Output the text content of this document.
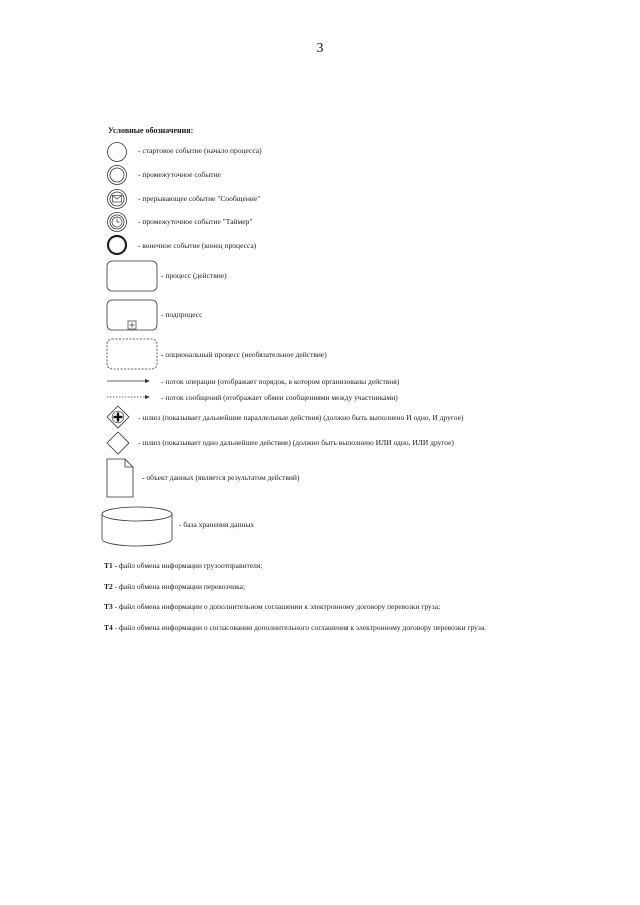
3
Условные обозначения:
- стартовое событие (начало процесса)
- промежуточное событие
- прерывающее событие "Сообщение"
- промежуточное событие "Таймер"
- конечное событие (конец процесса)
- процесс (действие)
- подпроцесс
- опциональный процесс (необязательное действие)
- поток операции (отображает порядок, в котором организованы действия)
- поток сообщений (отображает обмен сообщениями между участниками)
- шлюз (показывает дальнейшие параллельные действия) (должно быть выполнено И одно, И другое)
- шлюз (показывает одно дальнейшее действие) (должно быть выполнено ИЛИ одно, ИЛИ другое)
- объект данных (является результатом действий)
- база хранения данных
Т1 - файл обмена информации грузоотправителя;
Т2 - файл обмена информации перевозчика;
Т3 - файл обмена информации о дополнительном соглашении к электронному договору перевозки груза;
Т4 - файл обмена информации о согласовании дополнительного соглашения к электронному договору перевозки груза.
